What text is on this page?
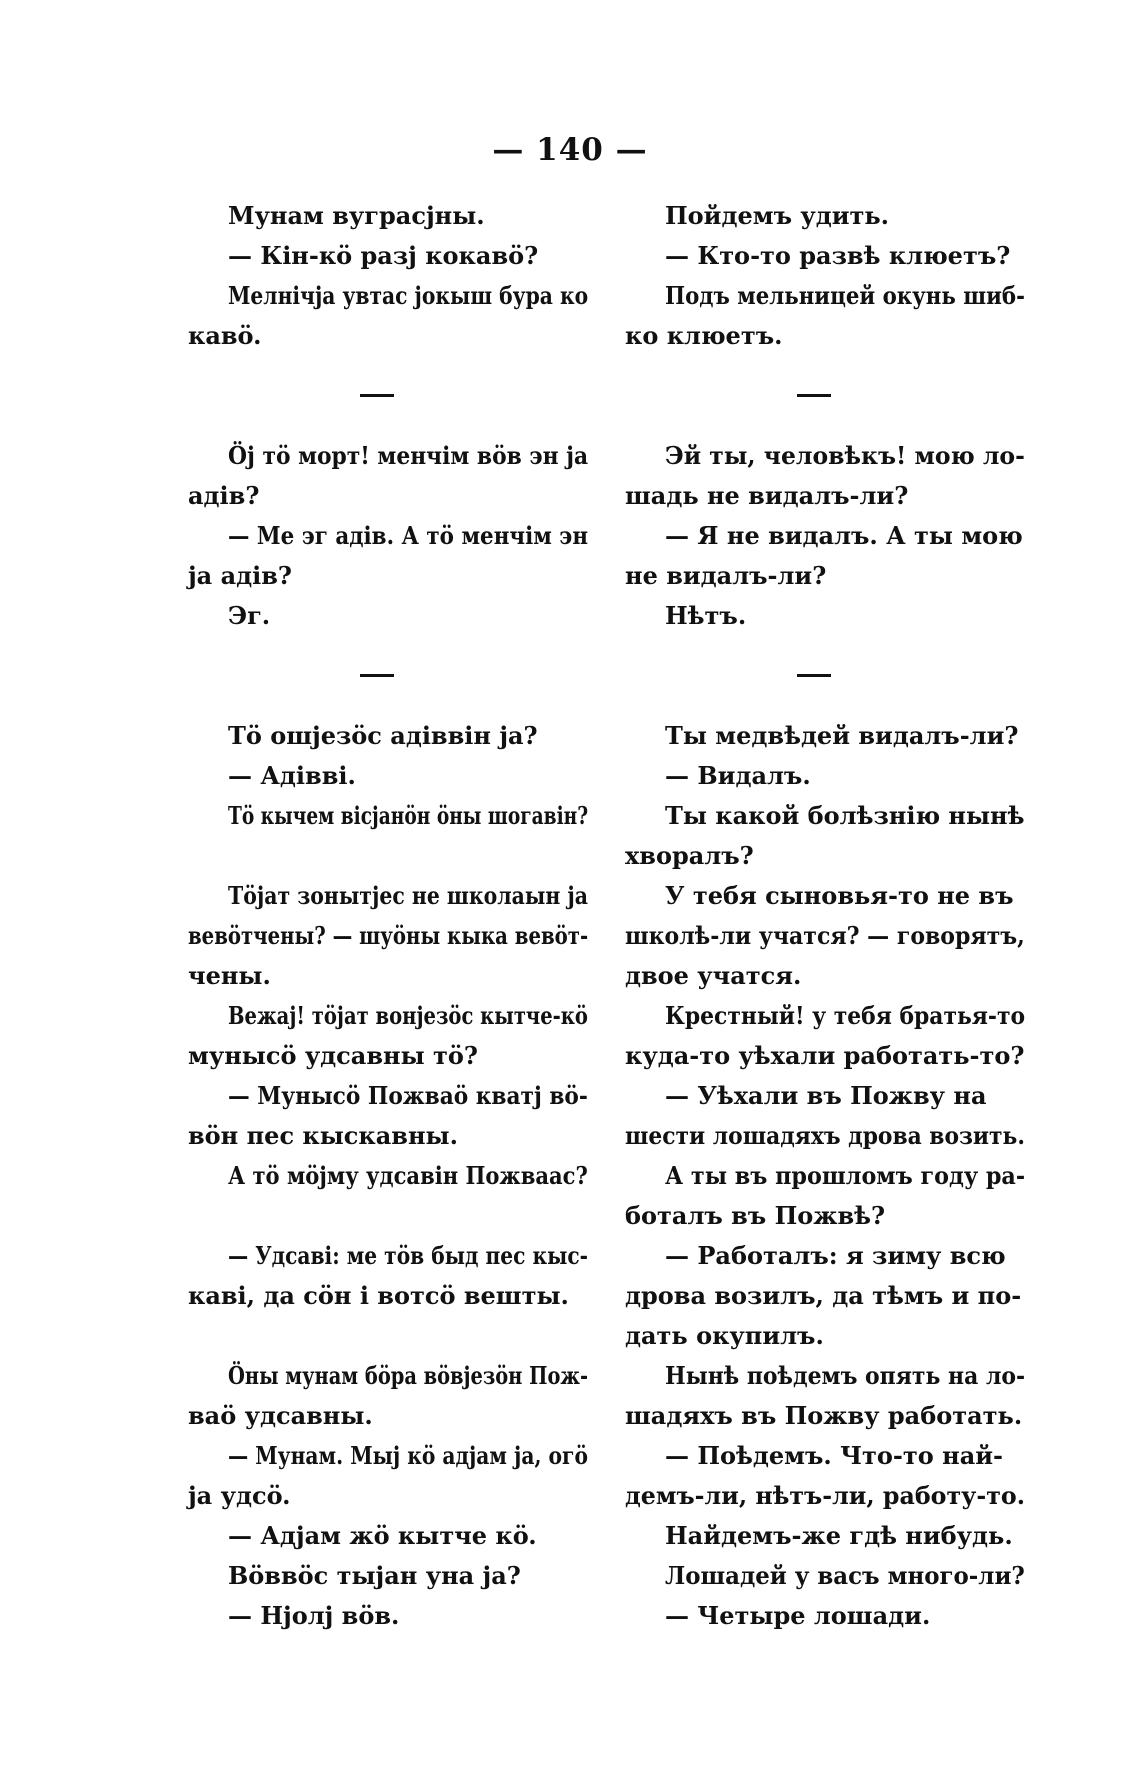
— 140 —
Мунам вуграсјны.
— Кін-кö разј кокавö?
Мелнічја увтас јокыш бура ко
кавö.
Öј тö морт! менчім вöв эн ја
адів?
— Ме эг адів. А тö менчім эн
ја адів?
Эг.
Тö ошјезöс адіввін ја?
— Адівві.
Тö кычем вісјанöн öны шогавін?
Тöјат зонытјес не школаын ја
вевöтчены? — шуöны кыка вевöт-
чены.
Вежај! тöјат вонјезöс кытче-кö
мунысö удсавны тö?
— Мунысö Пожваö кватј вö-
вöн пес кыскавны.
А тö мöјму удсавін Пожваас?
— Удсаві: ме тöв быд пес кыс-
каві, да сöн і вотсö вешты.
Öны мунам бöра вöвјезöн Пож-
ваö удсавны.
— Мунам. Мыј кö адјам ја, огö
ја удсö.
— Адјам жö кытче кö.
Вöввöс тыјан уна ја?
— Нјолј вöв.
Пойдемъ удить.
— Кто-то развѣ клюетъ?
Подъ мельницей окунь шиб-
ко клюетъ.
Эй ты, человѣкъ! мою ло-
шадь не видалъ-ли?
— Я не видалъ. А ты мою
не видалъ-ли?
Нѣтъ.
Ты медвѣдей видалъ-ли?
— Видалъ.
Ты какой болѣзнію нынѣ
хворалъ?
У тебя сыновья-то не въ
школѣ-ли учатся? — говорятъ,
двое учатся.
Крестный! у тебя братья-то
куда-то уѣхали работать-то?
— Уѣхали въ Пожву на
шести лошадяхъ дрова возить.
А ты въ прошломъ году ра-
боталъ въ Пожвѣ?
— Работалъ: я зиму всю
дрова возилъ, да тѣмъ и по-
дать окупилъ.
Нынѣ поѣдемъ опять на ло-
шадяхъ въ Пожву работать.
— Поѣдемъ. Что-то най-
демъ-ли, нѣтъ-ли, работу-то.
Найдемъ-же гдѣ нибудь.
Лошадей у васъ много-ли?
— Четыре лошади.
